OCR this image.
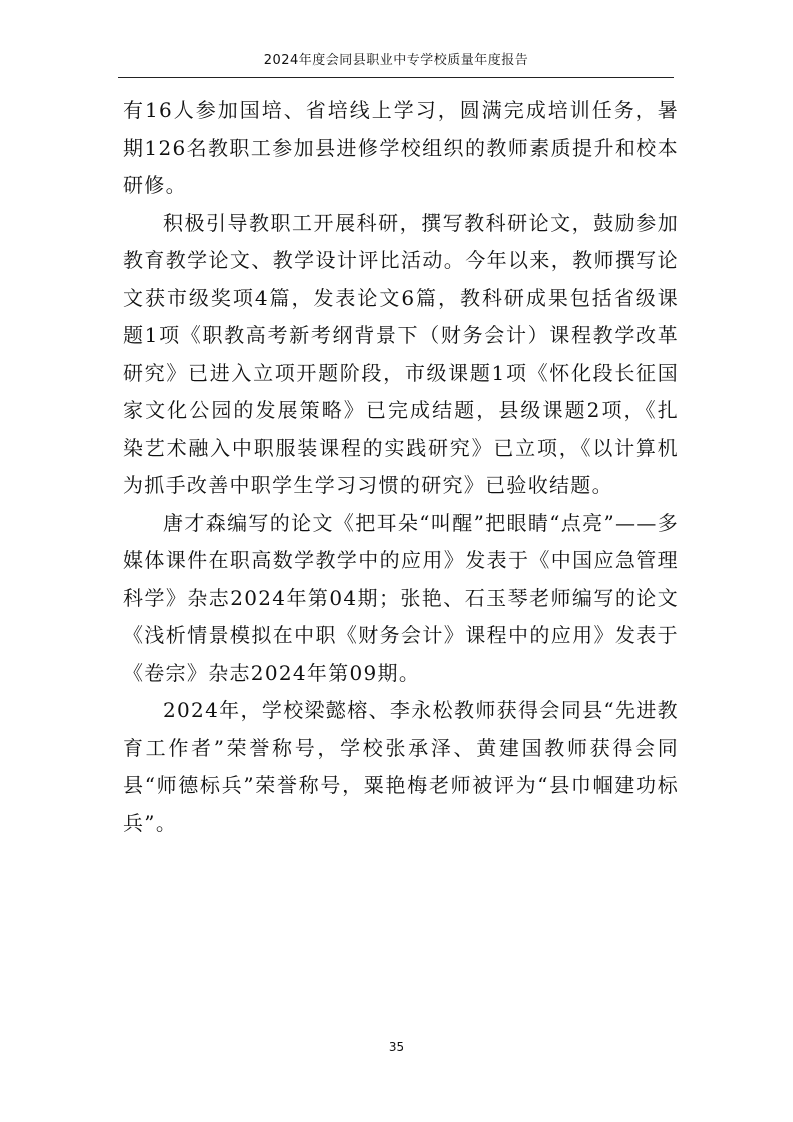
2024年度会同县职业中专学校质量年度报告

有16人参加国培、省培线上学习，圆满完成培训任务，暑期126名教职工参加县进修学校组织的教师素质提升和校本研修。

积极引导教职工开展科研，撰写教科研论文，鼓励参加教育教学论文、教学设计评比活动。今年以来，教师撰写论文获市级奖项4篇，发表论文6篇，教科研成果包括省级课题1项《职教高考新考纲背景下（财务会计）课程教学改革研究》已进入立项开题阶段，市级课题1项《怀化段长征国家文化公园的发展策略》已完成结题，县级课题2项，《扎染艺术融入中职服装课程的实践研究》已立项，《以计算机为抓手改善中职学生学习习惯的研究》已验收结题。

唐才森编写的论文《把耳朵“叫醒”把眼睛“点亮”——多媒体课件在职高数学教学中的应用》发表于《中国应急管理科学》杂志2024年第04期；张艳、石玉琴老师编写的论文《浅析情景模拟在中职《财务会计》课程中的应用》发表于《卷宗》杂志2024年第09期。

2024年，学校梁懿榕、李永松教师获得会同县“先进教育工作者”荣誉称号，学校张承泽、黄建国教师获得会同县“师德标兵”荣誉称号，粟艳梅老师被评为“县巾帼建功标兵”。

35
